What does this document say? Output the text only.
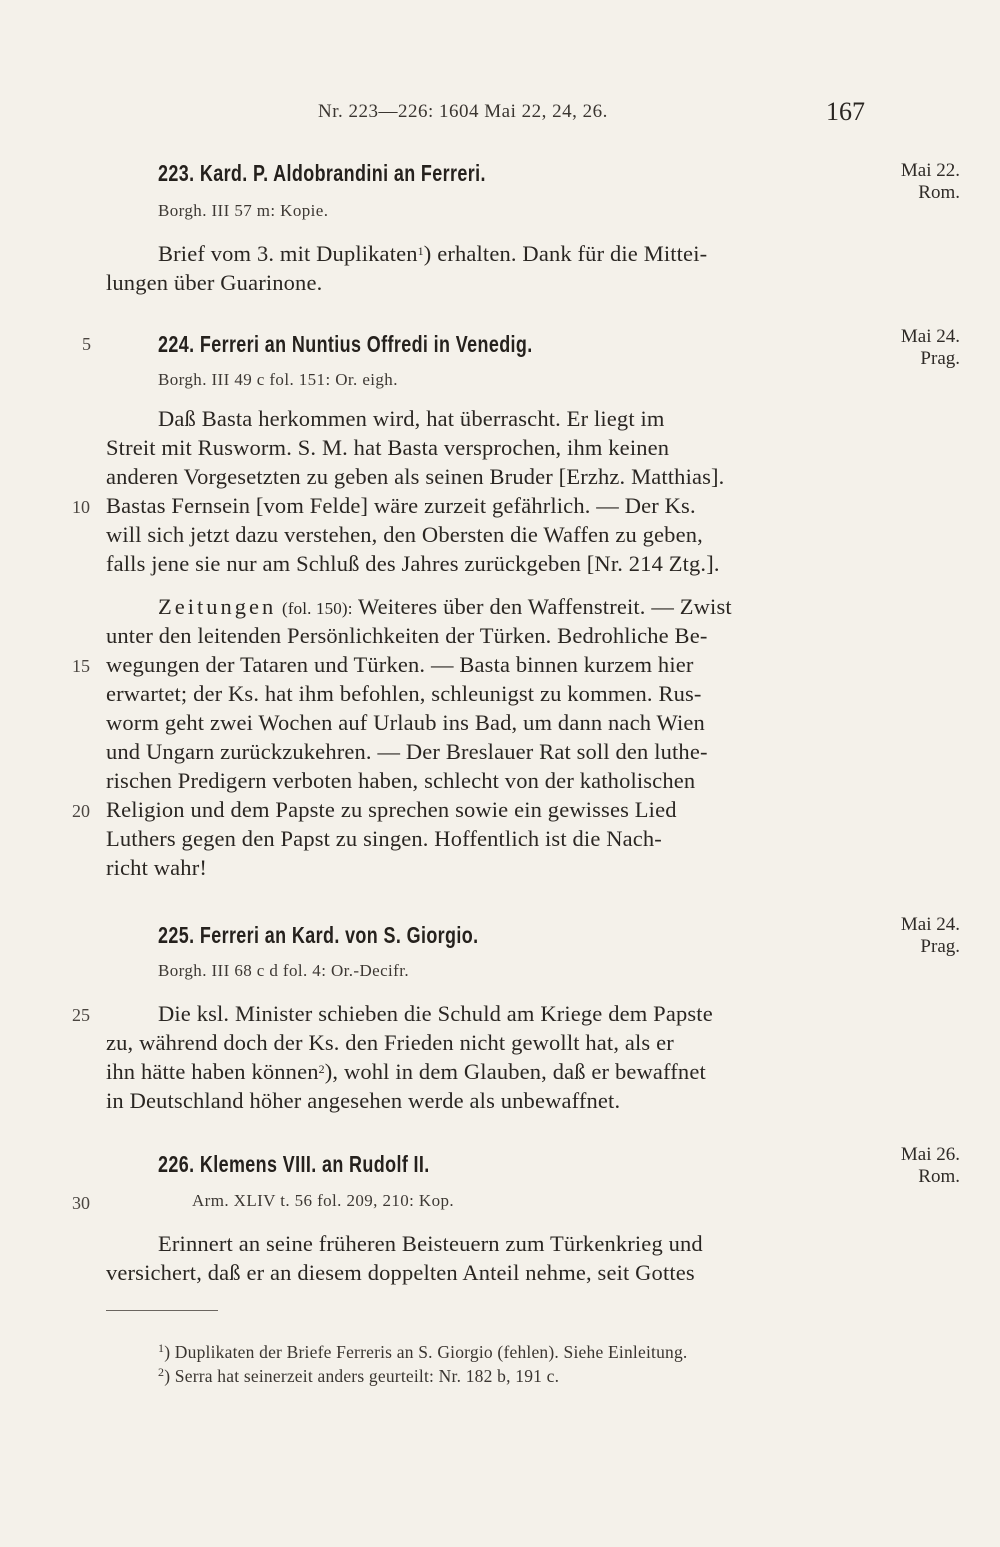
Nr. 223—226: 1604 Mai 22, 24, 26.	167
223. Kard. P. Aldobrandini an Ferreri.
Borgh. III 57 m: Kopie.
Mai 22.
Rom.
Brief vom 3. mit Duplikaten$^1$) erhalten. Dank für die Mittei-
lungen über Guarinone.
5	224. Ferreri an Nuntius Offredi in Venedig.
Borgh. III 49 c fol. 151: Or. eigh.
Mai 24.
Prag.
Daß Basta herkommen wird, hat überrascht. Er liegt im
Streit mit Rusworm. S. M. hat Basta versprochen, ihm keinen
anderen Vorgesetzten zu geben als seinen Bruder [Erzhz. Matthias].
10 Bastas Fernsein [vom Felde] wäre zurzeit gefährlich. — Der Ks.
will sich jetzt dazu verstehen, den Obersten die Waffen zu geben,
falls jene sie nur am Schluß des Jahres zurückgeben [Nr. 214 Ztg.].
Zeitungen (fol. 150): Weiteres über den Waffenstreit. — Zwist
unter den leitenden Persönlichkeiten der Türken. Bedrohliche Be-
15 wegungen der Tataren und Türken. — Basta binnen kurzem hier
erwartet; der Ks. hat ihm befohlen, schleunigst zu kommen. Rus-
worm geht zwei Wochen auf Urlaub ins Bad, um dann nach Wien
und Ungarn zurückzukehren. — Der Breslauer Rat soll den luthe-
rischen Predigern verboten haben, schlecht von der katholischen
20 Religion und dem Papste zu sprechen sowie ein gewisses Lied
Luthers gegen den Papst zu singen. Hoffentlich ist die Nach-
richt wahr!
225. Ferreri an Kard. von S. Giorgio.
Borgh. III 68 c d fol. 4: Or.-Decifr.
Mai 24.
Prag.
25	Die ksl. Minister schieben die Schuld am Kriege dem Papste
zu, während doch der Ks. den Frieden nicht gewollt hat, als er
ihn hätte haben können$^2$), wohl in dem Glauben, daß er bewaffnet
in Deutschland höher angesehen werde als unbewaffnet.
226. Klemens VIII. an Rudolf II.
30	Arm. XLIV t. 56 fol. 209, 210: Kop.
Mai 26.
Rom.
Erinnert an seine früheren Beisteuern zum Türkenkrieg und
versichert, daß er an diesem doppelten Anteil nehme, seit Gottes
$^1$) Duplikaten der Briefe Ferreris an S. Giorgio (fehlen). Siehe Einleitung.
$^2$) Serra hat seinerzeit anders geurteilt: Nr. 182 b, 191 c.
